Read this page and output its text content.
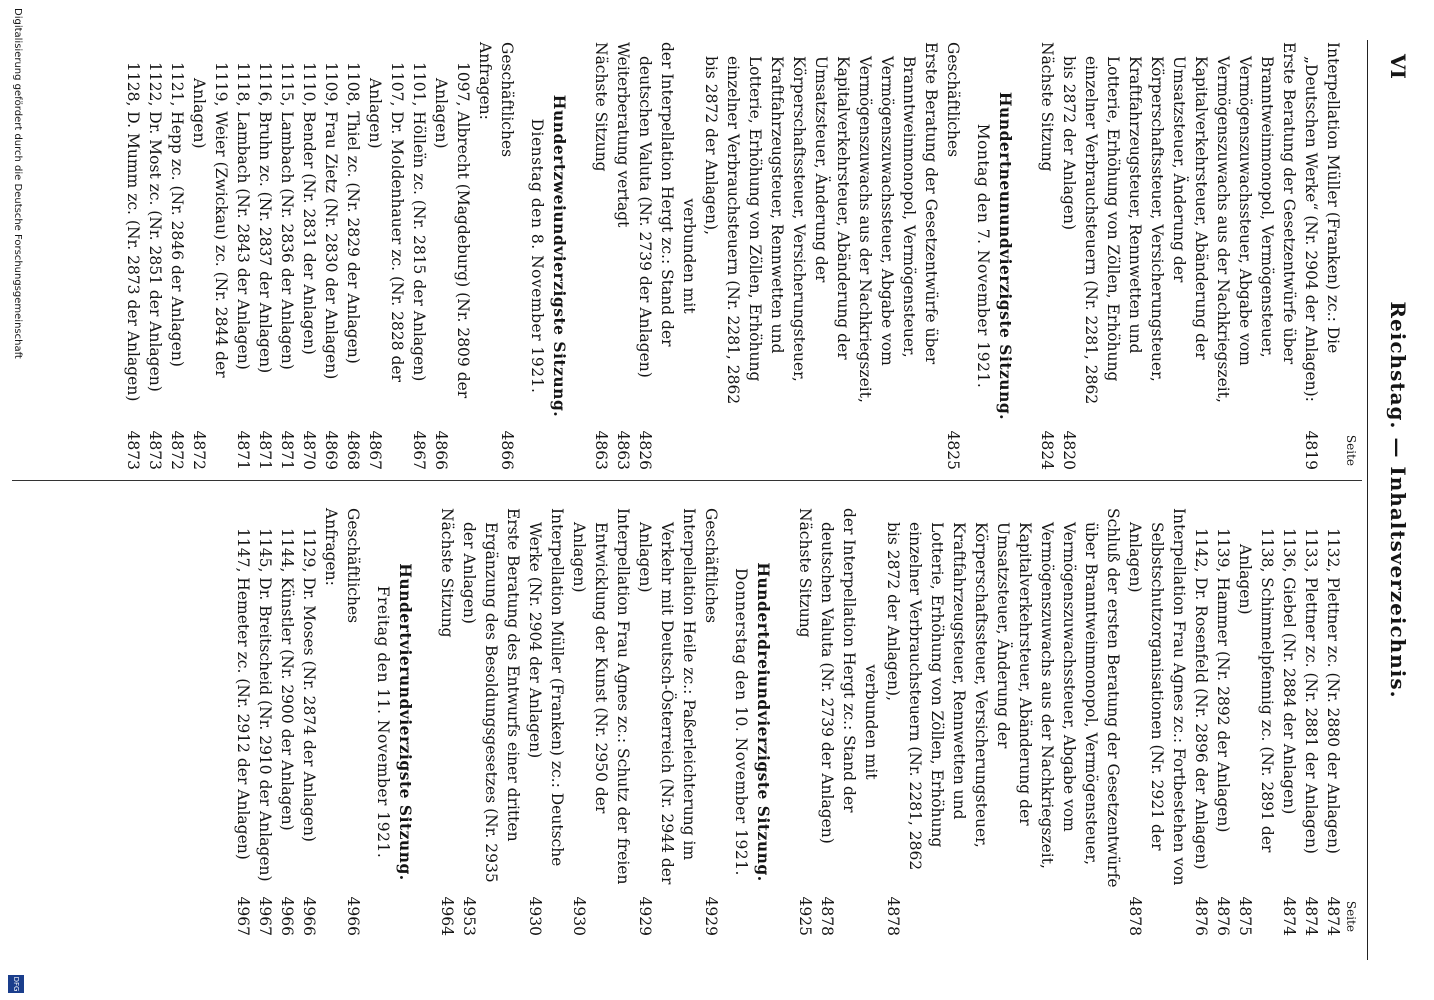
VI
Reichstag. — Inhaltsverzeichnis.
Seite
Interpellation Müller (Franken) zc.: Die „Deutschen Werke“ (Nr. 2904 der Anlagen):
4819
Erste Beratung der Gesetzentwürfe über Branntweinmonopol, Vermögensteuer, Vermögenszuwachssteuer, Abgabe vom Vermögenszuwachs aus der Nachkriegszeit, Kapitalverkehrsteuer, Abänderung der Umsatzsteuer, Änderung der Körperschaftssteuer, Versicherungsteuer, Kraftfahrzeugsteuer, Rennwetten und Lotterie, Erhöhung von Zöllen, Erhöhung einzelner Verbrauchsteuern (Nr. 2281, 2862 bis 2872 der Anlagen)
4820
Nächste Sitzung
4824
Hundertneunundvierzigste Sitzung.
Montag den 7. November 1921.
Geschäftliches
4825
Erste Beratung der Gesetzentwürfe über Branntweinmonopol, Vermögensteuer, Vermögenszuwachssteuer, Abgabe vom Vermögenszuwachs aus der Nachkriegszeit, Kapitalverkehrsteuer, Abänderung der Umsatzsteuer, Änderung der Körperschaftssteuer, Versicherungsteuer, Kraftfahrzeugsteuer, Rennwetten und Lotterie, Erhöhung von Zöllen, Erhöhung einzelner Verbrauchsteuern (Nr. 2281, 2862 bis 2872 der Anlagen),
verbunden mit
der Interpellation Hergt zc.: Stand der deutschen Valuta (Nr. 2739 der Anlagen)
4826
Weiterberatung vertagt
4863
Nächste Sitzung
4863
Hundertzweiundvierzigste Sitzung.
Dienstag den 8. November 1921.
Geschäftliches
4866
Anfragen:
1097, Albrecht (Magdeburg) (Nr. 2809 der Anlagen)
4866
1101, Hölleïn zc. (Nr. 2815 der Anlagen)
4867
1107, Dr. Moldenhauer zc. (Nr. 2828 der Anlagen)
4867
1108, Thiel zc. (Nr. 2829 der Anlagen)
4868
1109, Frau Zietz (Nr. 2830 der Anlagen)
4869
1110, Bender (Nr. 2831 der Anlagen)
4870
1115, Lambach (Nr. 2836 der Anlagen)
4871
1116, Bruhn zc. (Nr. 2837 der Anlagen)
4871
1118, Lambach (Nr. 2843 der Anlagen)
4871
1119, Weier (Zwickau) zc. (Nr. 2844 der Anlagen)
4872
1121, Hepp zc. (Nr. 2846 der Anlagen)
4872
1122, Dr. Most zc. (Nr. 2851 der Anlagen)
4873
1128, D. Mumm zc. (Nr. 2873 der Anlagen)
4873
Seite
1132, Plettner zc. (Nr. 2880 der Anlagen)
4874
1133, Plettner zc. (Nr. 2881 der Anlagen)
4874
1136, Giebel (Nr. 2884 der Anlagen)
4874
1138, Schimmelpfennig zc. (Nr. 2891 der Anlagen)
4875
1139, Hammer (Nr. 2892 der Anlagen)
4876
1142, Dr. Rosenfeld (Nr. 2896 der Anlagen)
4876
Interpellation Frau Agnes zc.: Fortbestehen von Selbstschutzorganisationen (Nr. 2921 der Anlagen)
4878
Schluß der ersten Beratung der Gesetzentwürfe über Branntweinmonopol, Vermögensteuer, Vermögenszuwachssteuer, Abgabe vom Vermögenszuwachs aus der Nachkriegszeit, Kapitalverkehrsteuer, Abänderung der Umsatzsteuer, Änderung der Körperschaftssteuer, Versicherungsteuer, Kraftfahrzeugsteuer, Rennwetten und Lotterie, Erhöhung von Zöllen, Erhöhung einzelner Verbrauchsteuern (Nr. 2281, 2862 bis 2872 der Anlagen),
4878
verbunden mit
der Interpellation Hergt zc.: Stand der deutschen Valuta (Nr. 2739 der Anlagen)
4878
Nächste Sitzung
4925
Hundertdreiundvierzigste Sitzung.
Donnerstag den 10. November 1921.
Geschäftliches
4929
Interpellation Heile zc.: Paßerleichterung im Verkehr mit Deutsch-Österreich (Nr. 2944 der Anlagen)
4929
Interpellation Frau Agnes zc.: Schutz der freien Entwicklung der Kunst (Nr. 2950 der Anlagen)
4930
Interpellation Müller (Franken) zc.: Deutsche Werke (Nr. 2904 der Anlagen)
4930
Erste Beratung des Entwurfs einer dritten Ergänzung des Besoldungsgesetzes (Nr. 2935 der Anlagen)
4953
Nächste Sitzung
4964
Hundertvierundvierzigste Sitzung.
Freitag den 11. November 1921.
Geschäftliches
4966
Anfragen:
1129, Dr. Moses (Nr. 2874 der Anlagen)
4966
1144, Künstler (Nr. 2900 der Anlagen)
4966
1145, Dr. Breitscheid (Nr. 2910 der Anlagen)
4967
1147, Hemeter zc. (Nr. 2912 der Anlagen)
4967
Digitalisierung gefördert durch die Deutsche Forschungsgemeinschaft
DFG
